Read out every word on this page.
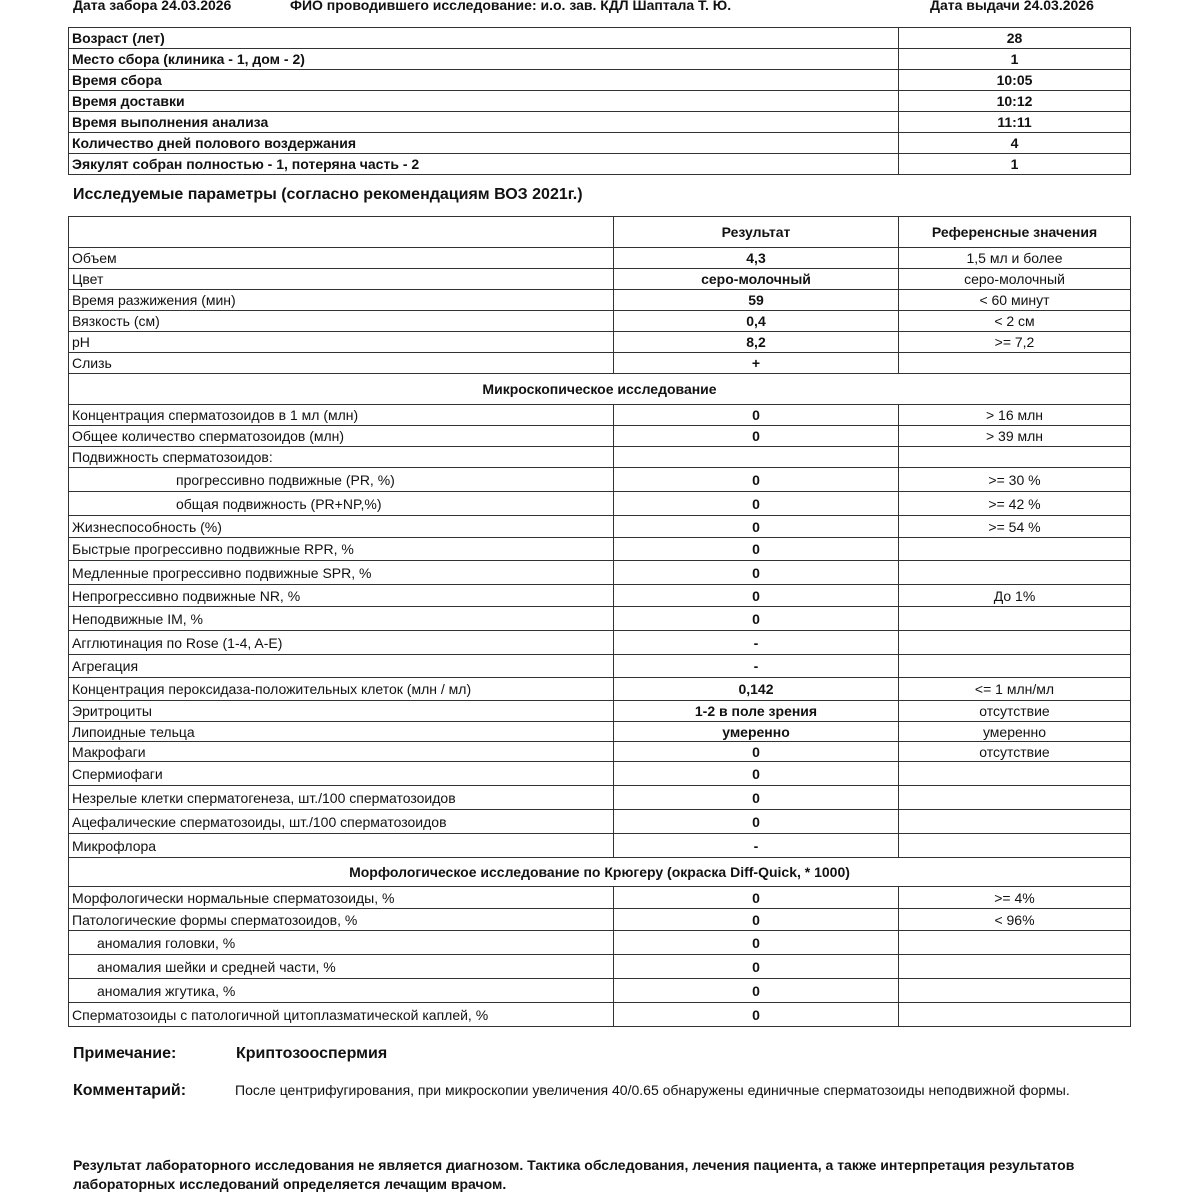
Дата забора 24.03.2026	ФИО проводившего исследование: и.о. зав. КДЛ Шаптала Т. Ю.	Дата выдачи 24.03.2026
Возраст (лет)	28
Место сбора (клиника - 1, дом - 2)	1
Время сбора	10:05
Время доставки	10:12
Время выполнения анализа	11:11
Количество дней полового воздержания	4
Эякулят собран полностью - 1, потеряна часть - 2	1
Исследуемые параметры (согласно рекомендациям ВОЗ 2021г.)
	Результат	Референсные значения
Объем	4,3	1,5 мл и более
Цвет	серо-молочный	серо-молочный
Время разжижения (мин)	59	< 60 минут
Вязкость (см)	0,4	< 2 см
pH	8,2	>= 7,2
Слизь	+	
Микроскопическое исследование		
Концентрация сперматозоидов в 1 мл (млн)	0	> 16 млн
Общее количество сперматозоидов (млн)	0	> 39 млн
Подвижность сперматозоидов:		
прогрессивно подвижные (PR, %)	0	>= 30 %
общая подвижность (PR+NP,%)	0	>= 42 %
Жизнеспособность (%)	0	>= 54 %
Быстрые прогрессивно подвижные RPR, %	0	
Медленные прогрессивно подвижные SPR, %	0	
Непрогрессивно подвижные NR, %	0	До 1%
Неподвижные IM, %	0	
Агглютинация по Rose (1-4, A-E)	-	
Агрегация	-	
Концентрация пероксидаза-положительных клеток (млн / мл)	0,142	<= 1 млн/мл
Эритроциты	1-2 в поле зрения	отсутствие
Липоидные тельца	умеренно	умеренно
Макрофаги	0	отсутствие
Спермиофаги	0	
Незрелые клетки сперматогенеза, шт./100 сперматозоидов	0	
Ацефалические сперматозоиды, шт./100 сперматозоидов	0	
Микрофлора	-	
Морфологическое исследование по Крюгеру (окраска Diff-Quick, * 1000)		
Морфологически нормальные сперматозоиды, %	0	>= 4%
Патологические формы сперматозоидов, %	0	< 96%
аномалия головки, %	0	
аномалия шейки и средней части, %	0	
аномалия жгутика, %	0	
Сперматозоиды с патологичной цитоплазматической каплей, %	0	
Примечание:	Криптозооспермия
Комментарий:	После центрифугирования, при микроскопии увеличения 40/0.65 обнаружены единичные сперматозоиды неподвижной формы.
Результат лабораторного исследования не является диагнозом. Тактика обследования, лечения пациента, а также интерпретация результатов лабораторных исследований определяется лечащим врачом.
